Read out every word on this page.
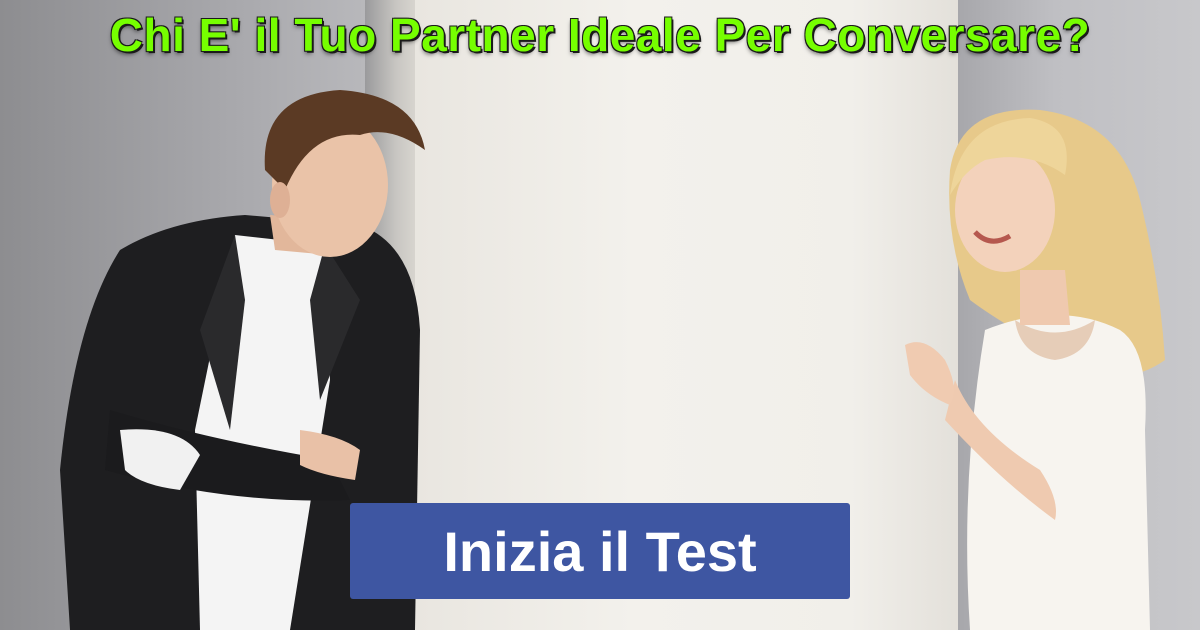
Chi E' il Tuo Partner Ideale Per Conversare?
Inizia il Test
